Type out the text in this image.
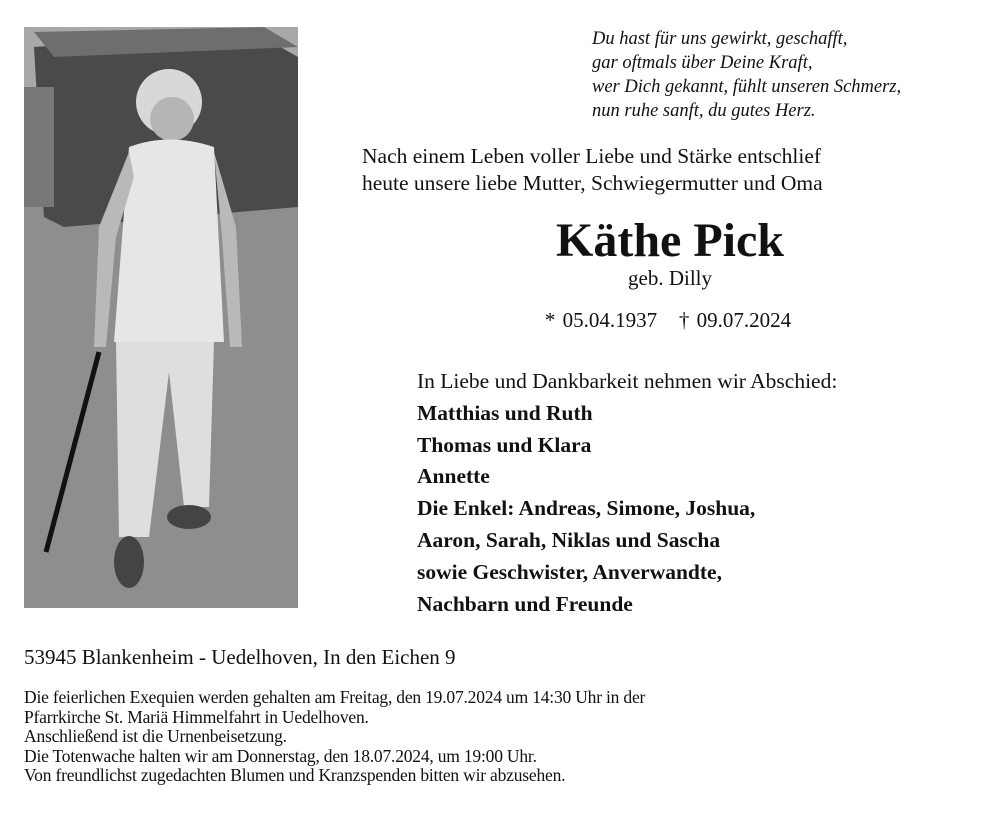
Du hast für uns gewirkt, geschafft,
gar oftmals über Deine Kraft,
wer Dich gekannt, fühlt unseren Schmerz,
nun ruhe sanft, du gutes Herz.
Nach einem Leben voller Liebe und Stärke entschlief
heute unsere liebe Mutter, Schwiegermutter und Oma
Käthe Pick
geb. Dilly
* 05.04.1937 † 09.07.2024
In Liebe und Dankbarkeit nehmen wir Abschied:
Matthias und Ruth
Thomas und Klara
Annette
Die Enkel: Andreas, Simone, Joshua,
Aaron, Sarah, Niklas und Sascha
sowie Geschwister, Anverwandte,
Nachbarn und Freunde
53945 Blankenheim - Uedelhoven, In den Eichen 9
Die feierlichen Exequien werden gehalten am Freitag, den 19.07.2024 um 14:30 Uhr in der
Pfarrkirche St. Mariä Himmelfahrt in Uedelhoven.
Anschließend ist die Urnenbeisetzung.
Die Totenwache halten wir am Donnerstag, den 18.07.2024, um 19:00 Uhr.
Von freundlichst zugedachten Blumen und Kranzspenden bitten wir abzusehen.
